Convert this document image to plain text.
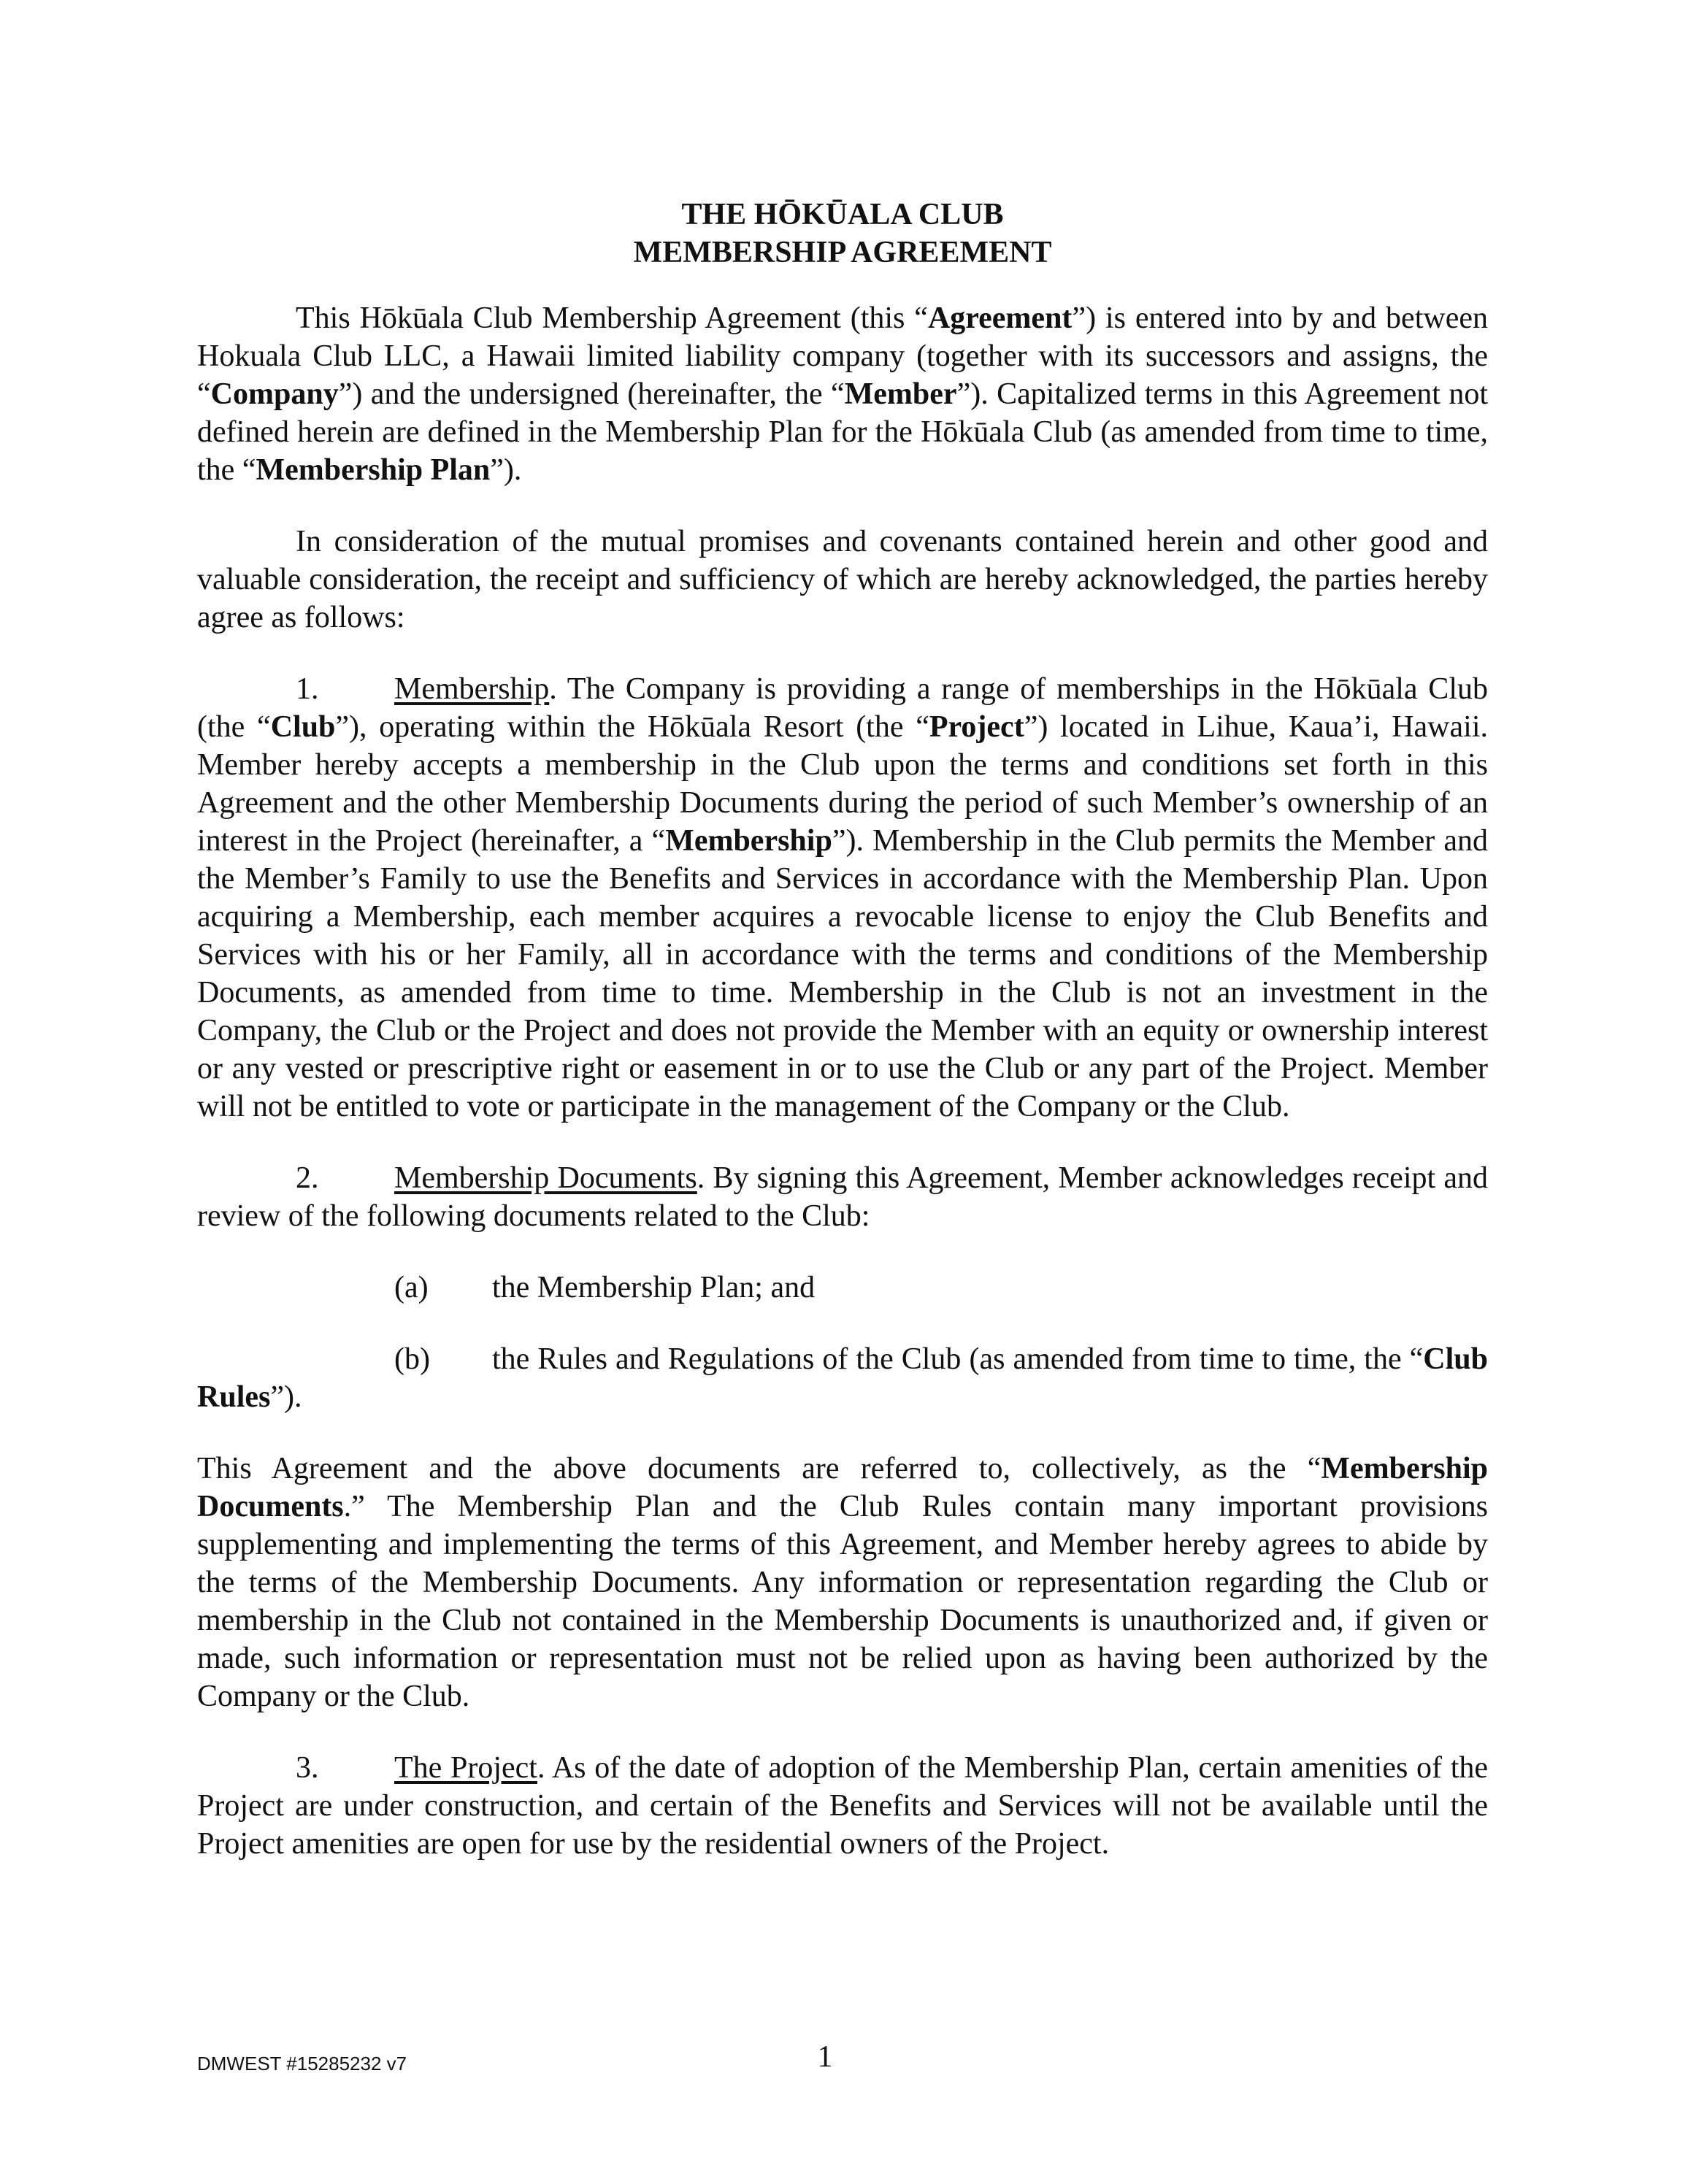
THE HŌKŪALA CLUB
MEMBERSHIP AGREEMENT

This Hōkūala Club Membership Agreement (this “Agreement”) is entered into by and between Hokuala Club LLC, a Hawaii limited liability company (together with its successors and assigns, the “Company”) and the undersigned (hereinafter, the “Member”). Capitalized terms in this Agreement not defined herein are defined in the Membership Plan for the Hōkūala Club (as amended from time to time, the “Membership Plan”).

In consideration of the mutual promises and covenants contained herein and other good and valuable consideration, the receipt and sufficiency of which are hereby acknowledged, the parties hereby agree as follows:

1. Membership. The Company is providing a range of memberships in the Hōkūala Club (the “Club”), operating within the Hōkūala Resort (the “Project”) located in Lihue, Kaua’i, Hawaii. Member hereby accepts a membership in the Club upon the terms and conditions set forth in this Agreement and the other Membership Documents during the period of such Member’s ownership of an interest in the Project (hereinafter, a “Membership”). Membership in the Club permits the Member and the Member’s Family to use the Benefits and Services in accordance with the Membership Plan. Upon acquiring a Membership, each member acquires a revocable license to enjoy the Club Benefits and Services with his or her Family, all in accordance with the terms and conditions of the Membership Documents, as amended from time to time. Membership in the Club is not an investment in the Company, the Club or the Project and does not provide the Member with an equity or ownership interest or any vested or prescriptive right or easement in or to use the Club or any part of the Project. Member will not be entitled to vote or participate in the management of the Company or the Club.

2. Membership Documents. By signing this Agreement, Member acknowledges receipt and review of the following documents related to the Club:

(a) the Membership Plan; and

(b) the Rules and Regulations of the Club (as amended from time to time, the “Club Rules”).

This Agreement and the above documents are referred to, collectively, as the “Membership Documents.” The Membership Plan and the Club Rules contain many important provisions supplementing and implementing the terms of this Agreement, and Member hereby agrees to abide by the terms of the Membership Documents. Any information or representation regarding the Club or membership in the Club not contained in the Membership Documents is unauthorized and, if given or made, such information or representation must not be relied upon as having been authorized by the Company or the Club.

3. The Project. As of the date of adoption of the Membership Plan, certain amenities of the Project are under construction, and certain of the Benefits and Services will not be available until the Project amenities are open for use by the residential owners of the Project.

DMWEST #15285232 v7	1
